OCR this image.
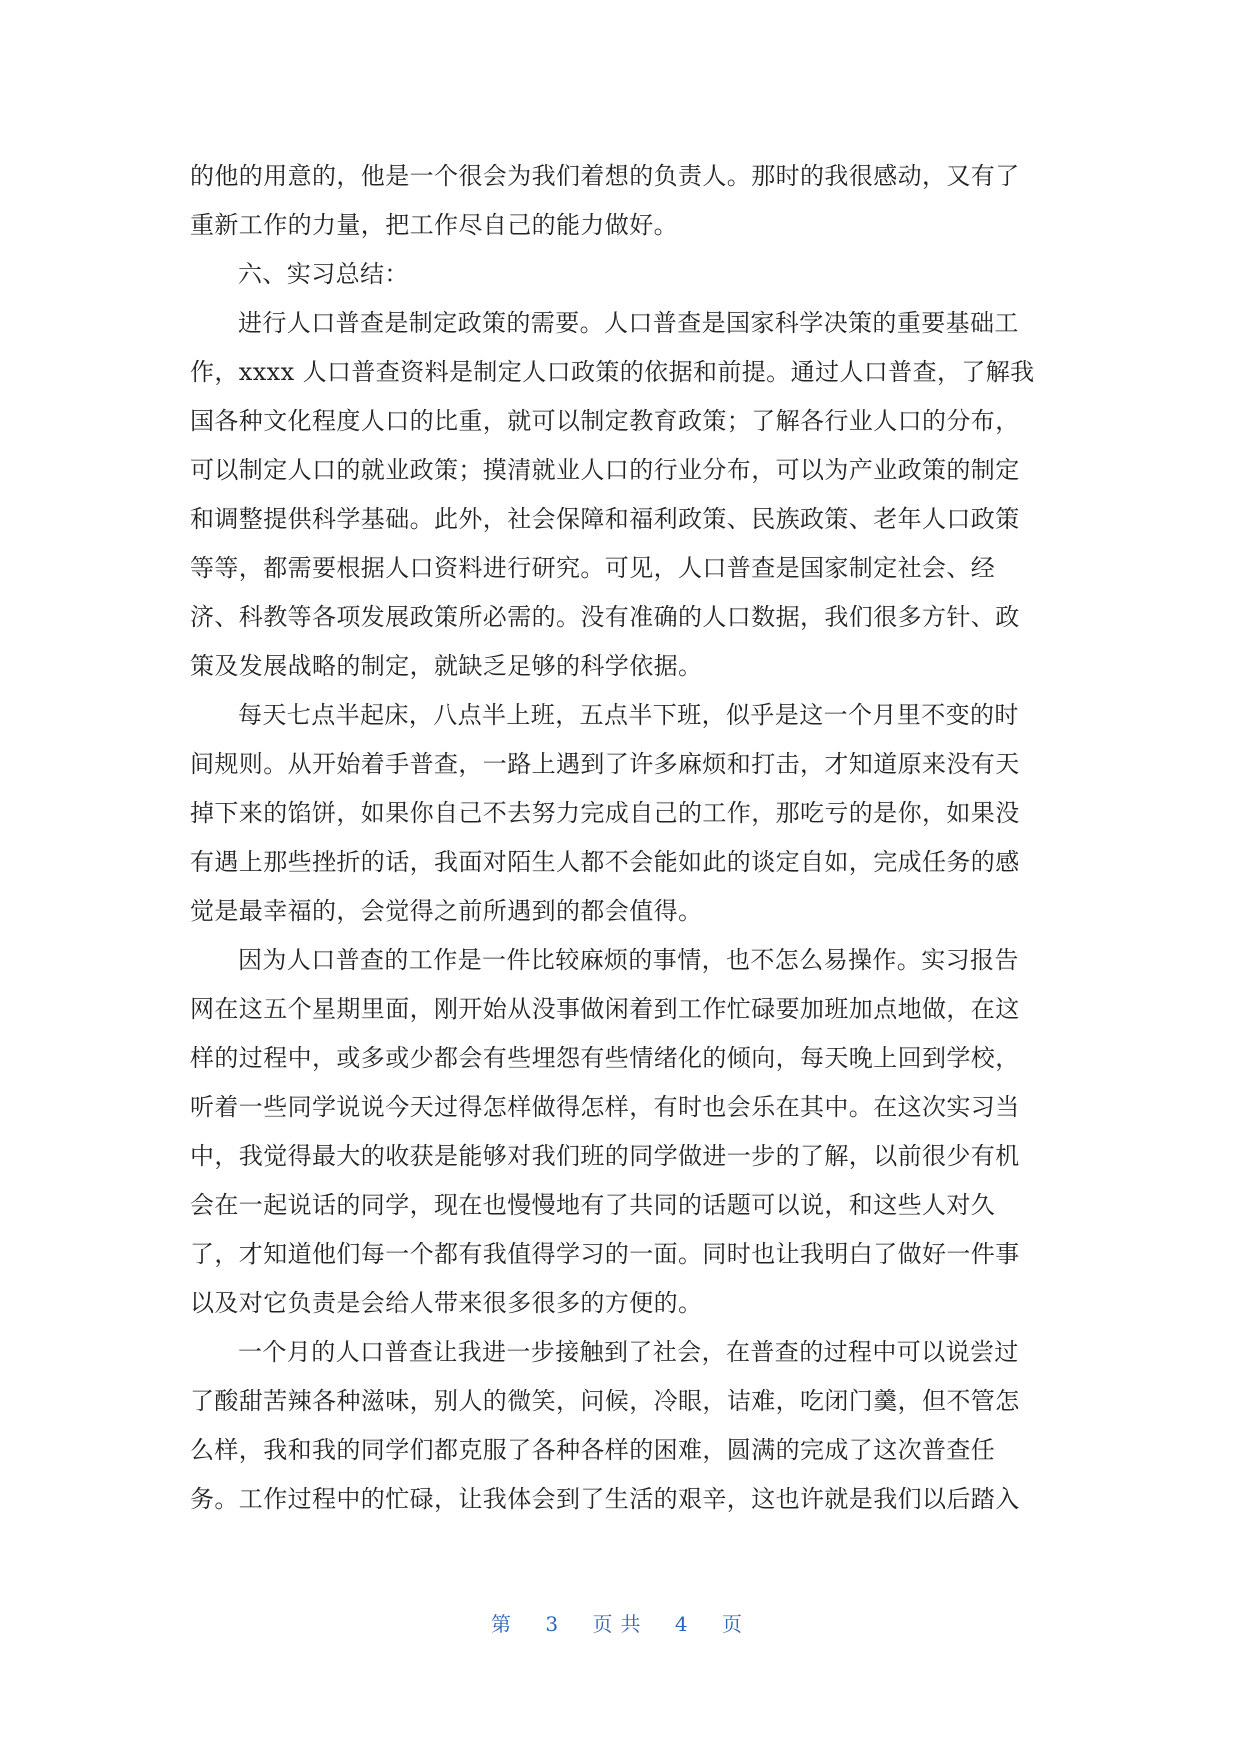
的他的用意的，他是一个很会为我们着想的负责人。那时的我很感动，又有了
重新工作的力量，把工作尽自己的能力做好。
六、实习总结：
进行人口普查是制定政策的需要。人口普查是国家科学决策的重要基础工
作，xxxx 人口普查资料是制定人口政策的依据和前提。通过人口普查，了解我
国各种文化程度人口的比重，就可以制定教育政策；了解各行业人口的分布，
可以制定人口的就业政策；摸清就业人口的行业分布，可以为产业政策的制定
和调整提供科学基础。此外，社会保障和福利政策、民族政策、老年人口政策
等等，都需要根据人口资料进行研究。可见，人口普查是国家制定社会、经
济、科教等各项发展政策所必需的。没有准确的人口数据，我们很多方针、政
策及发展战略的制定，就缺乏足够的科学依据。
每天七点半起床，八点半上班，五点半下班，似乎是这一个月里不变的时
间规则。从开始着手普查，一路上遇到了许多麻烦和打击，才知道原来没有天
掉下来的馅饼，如果你自己不去努力完成自己的工作，那吃亏的是你，如果没
有遇上那些挫折的话，我面对陌生人都不会能如此的谈定自如，完成任务的感
觉是最幸福的，会觉得之前所遇到的都会值得。
因为人口普查的工作是一件比较麻烦的事情，也不怎么易操作。实习报告
网在这五个星期里面，刚开始从没事做闲着到工作忙碌要加班加点地做，在这
样的过程中，或多或少都会有些埋怨有些情绪化的倾向，每天晚上回到学校，
听着一些同学说说今天过得怎样做得怎样，有时也会乐在其中。在这次实习当
中，我觉得最大的收获是能够对我们班的同学做进一步的了解，以前很少有机
会在一起说话的同学，现在也慢慢地有了共同的话题可以说，和这些人对久
了，才知道他们每一个都有我值得学习的一面。同时也让我明白了做好一件事
以及对它负责是会给人带来很多很多的方便的。
一个月的人口普查让我进一步接触到了社会，在普查的过程中可以说尝过
了酸甜苦辣各种滋味，别人的微笑，问候，冷眼，诘难，吃闭门羹，但不管怎
么样，我和我的同学们都克服了各种各样的困难，圆满的完成了这次普查任
务。工作过程中的忙碌，让我体会到了生活的艰辛，这也许就是我们以后踏入
第 3 页共 4 页
